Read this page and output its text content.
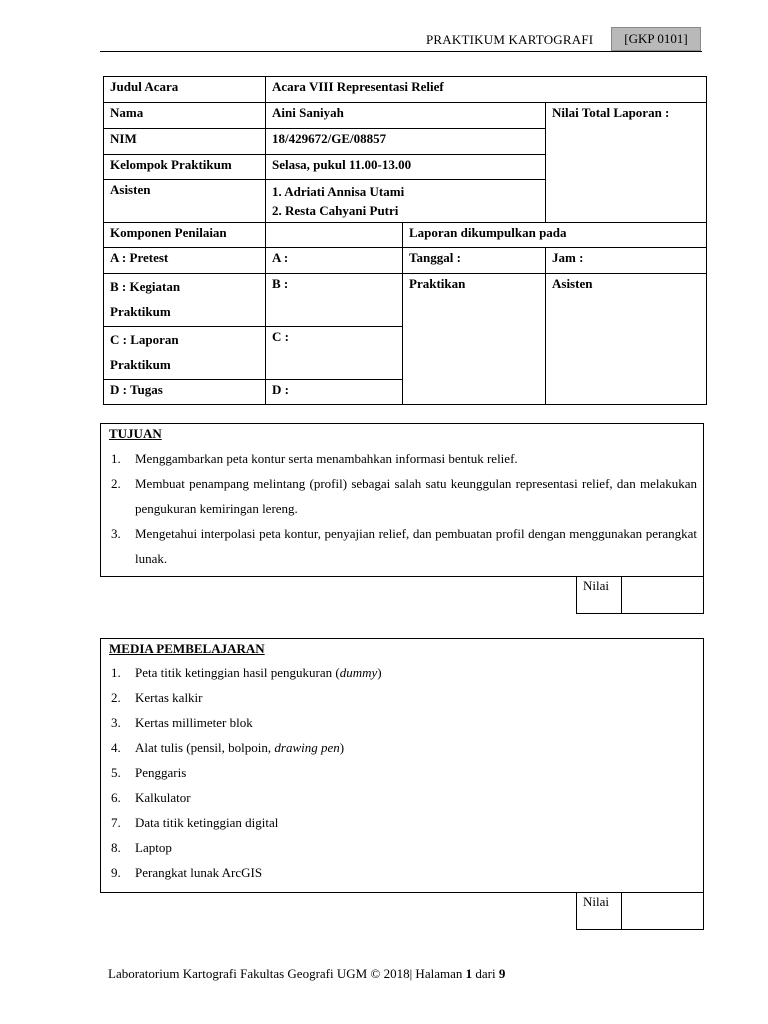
PRAKTIKUM KARTOGRAFI	[GKP 0101]
Judul Acara	Acara VIII Representasi Relief		
Nama	Aini Saniyah		Nilai Total Laporan :
NIM	18/429672/GE/08857		
Kelompok Praktikum	Selasa, pukul 11.00-13.00		
Asisten	1. Adriati Annisa Utami
2. Resta Cahyani Putri		

Komponen Penilaian		Laporan dikumpulkan pada	
A : Pretest	A :	Tanggal :	Jam :

B : Kegiatan
Praktikum	B :	Praktikan	Asisten

C : Laporan
Praktikum	C :		
D : Tugas	D :		
TUJUAN
1. Menggambarkan peta kontur serta menambahkan informasi bentuk relief.
2. Membuat penampang melintang (profil) sebagai salah satu keunggulan representasi relief, dan melakukan pengukuran kemiringan lereng.
3. Mengetahui interpolasi peta kontur, penyajian relief, dan pembuatan profil dengan menggunakan perangkat lunak.
Nilai
MEDIA PEMBELAJARAN
1. Peta titik ketinggian hasil pengukuran (dummy)
2. Kertas kalkir
3. Kertas millimeter blok
4. Alat tulis (pensil, bolpoin, drawing pen)
5. Penggaris
6. Kalkulator
7. Data titik ketinggian digital
8. Laptop
9. Perangkat lunak ArcGIS
Nilai
Laboratorium Kartografi Fakultas Geografi UGM © 2018| Halaman 1 dari 9
